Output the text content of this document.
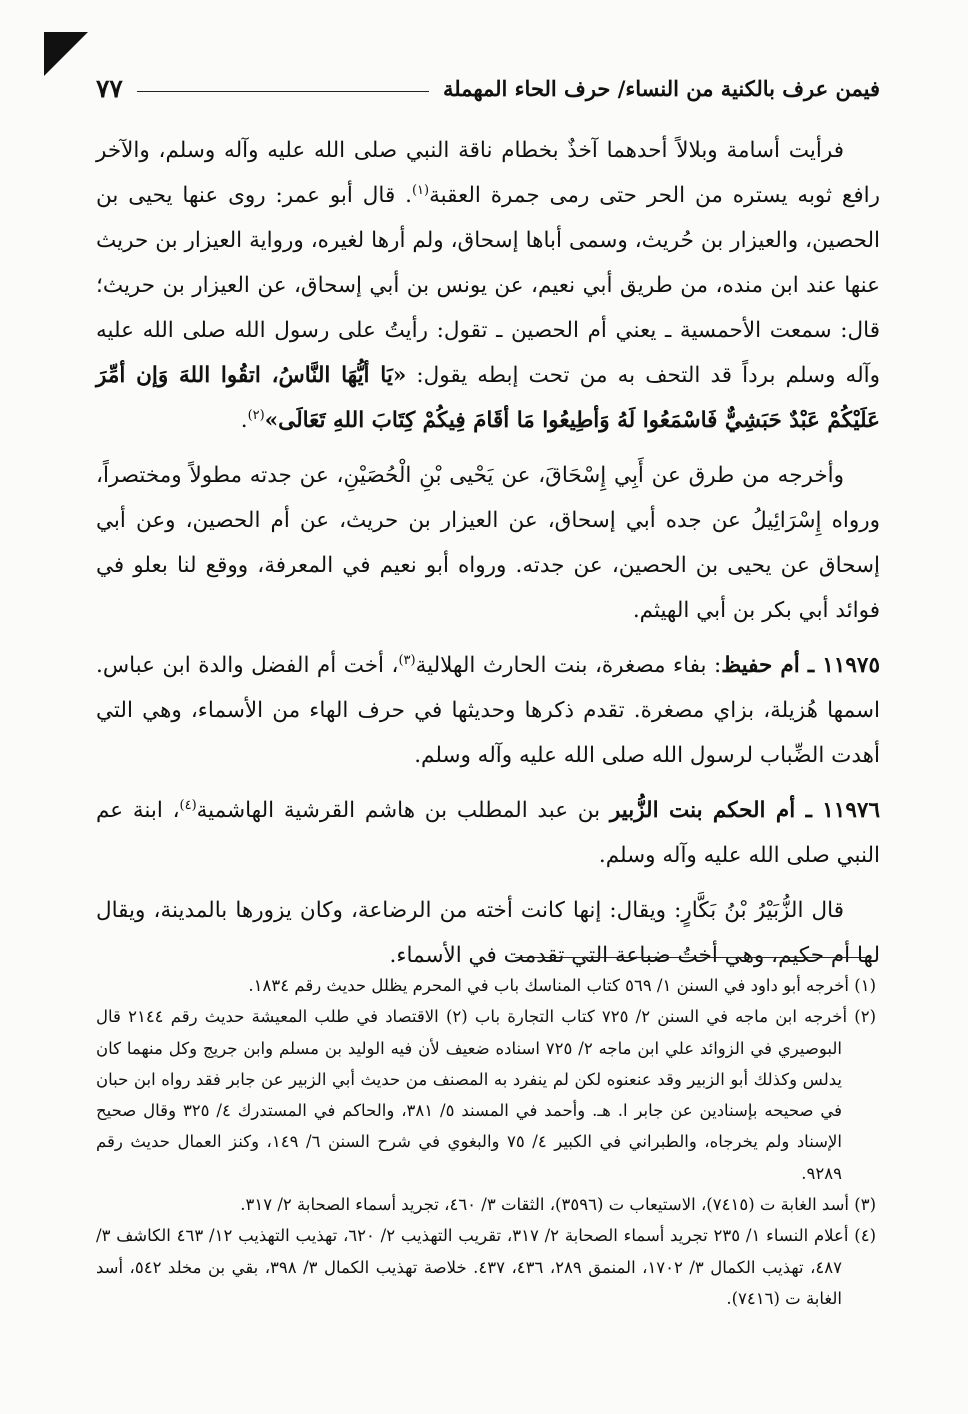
فيمن عرف بالكنية من النساء/ حرف الحاء المهملة
٧٧

فرأيت أسامة وبلالاً أحدهما آخذٌ بخطام ناقة النبي صلى الله عليه وآله وسلم، والآخر رافع ثوبه يستره من الحر حتى رمى جمرة العقبة$^{(١)}$. قال أبو عمر: روى عنها يحيى بن الحصين، والعيزار بن حُريث، وسمى أباها إسحاق، ولم أرها لغيره، ورواية العيزار بن حريث عنها عند ابن منده، من طريق أبي نعيم، عن يونس بن أبي إسحاق، عن العيزار بن حريث؛ قال: سمعت الأحمسية ـ يعني أم الحصين ـ تقول: رأيتُ على رسول الله صلى الله عليه وآله وسلم برداً قد التحف به من تحت إبطه يقول: «يَا أيُّهَا النَّاسُ، اتقُوا اللهَ وَإن أمِّرَ عَلَيْكُمْ عَبْدٌ حَبَشِيٌّ فَاسْمَعُوا لَهُ وَأطِيعُوا مَا أقَامَ فِيكُمْ كِتَابَ اللهِ تَعَالَى»$^{(٢)}$.

وأخرجه من طرق عن أَبِي إِسْحَاقَ، عن يَحْيى بْنِ الْحُصَيْنِ، عن جدته مطولاً ومختصراً، ورواه إِسْرَائِيلُ عن جده أبي إسحاق، عن العيزار بن حريث، عن أم الحصين، وعن أبي إسحاق عن يحيى بن الحصين، عن جدته. ورواه أبو نعيم في المعرفة، ووقع لنا بعلو في فوائد أبي بكر بن أبي الهيثم.

١١٩٧٥ ـ أم حفيظ: بفاء مصغرة، بنت الحارث الهلالية$^{(٣)}$، أخت أم الفضل والدة ابن عباس. اسمها هُزيلة، بزاي مصغرة. تقدم ذكرها وحديثها في حرف الهاء من الأسماء، وهي التي أهدت الضِّباب لرسول الله صلى الله عليه وآله وسلم.

١١٩٧٦ ـ أم الحكم بنت الزُّبير بن عبد المطلب بن هاشم القرشية الهاشمية$^{(٤)}$، ابنة عم النبي صلى الله عليه وآله وسلم.

قال الزُّبَيْرُ بْنُ بَكَّارٍ: ويقال: إنها كانت أخته من الرضاعة، وكان يزورها بالمدينة، ويقال لها أم حكيم، وهي أختُ ضباعة التي تقدمت في الأسماء.

(١) أخرجه أبو داود في السنن ١/ ٥٦٩ كتاب المناسك باب في المحرم يظلل حديث رقم ١٨٣٤.

(٢) أخرجه ابن ماجه في السنن ٢/ ٧٢٥ كتاب التجارة باب (٢) الاقتصاد في طلب المعيشة حديث رقم ٢١٤٤ قال البوصيري في الزوائد علي ابن ماجه ٢/ ٧٢٥ اسناده ضعيف لأن فيه الوليد بن مسلم وابن جريج وكل منهما كان يدلس وكذلك أبو الزبير وقد عنعنوه لكن لم ينفرد به المصنف من حديث أبي الزبير عن جابر فقد رواه ابن حبان في صحيحه بإسنادين عن جابر ا. هـ. وأحمد في المسند ٥/ ٣٨١، والحاكم في المستدرك ٤/ ٣٢٥ وقال صحيح الإسناد ولم يخرجاه، والطبراني في الكبير ٤/ ٧٥ والبغوي في شرح السنن ٦/ ١٤٩، وكنز العمال حديث رقم ٩٢٨٩.

(٣) أسد الغابة ت (٧٤١٥)، الاستيعاب ت (٣٥٩٦)، الثقات ٣/ ٤٦٠، تجريد أسماء الصحابة ٢/ ٣١٧.

(٤) أعلام النساء ١/ ٢٣٥ تجريد أسماء الصحابة ٢/ ٣١٧، تقريب التهذيب ٢/ ٦٢٠، تهذيب التهذيب ١٢/ ٤٦٣ الكاشف ٣/ ٤٨٧، تهذيب الكمال ٣/ ١٧٠٢، المنمق ٢٨٩، ٤٣٦، ٤٣٧. خلاصة تهذيب الكمال ٣/ ٣٩٨، بقي بن مخلد ٥٤٢، أسد الغابة ت (٧٤١٦).
